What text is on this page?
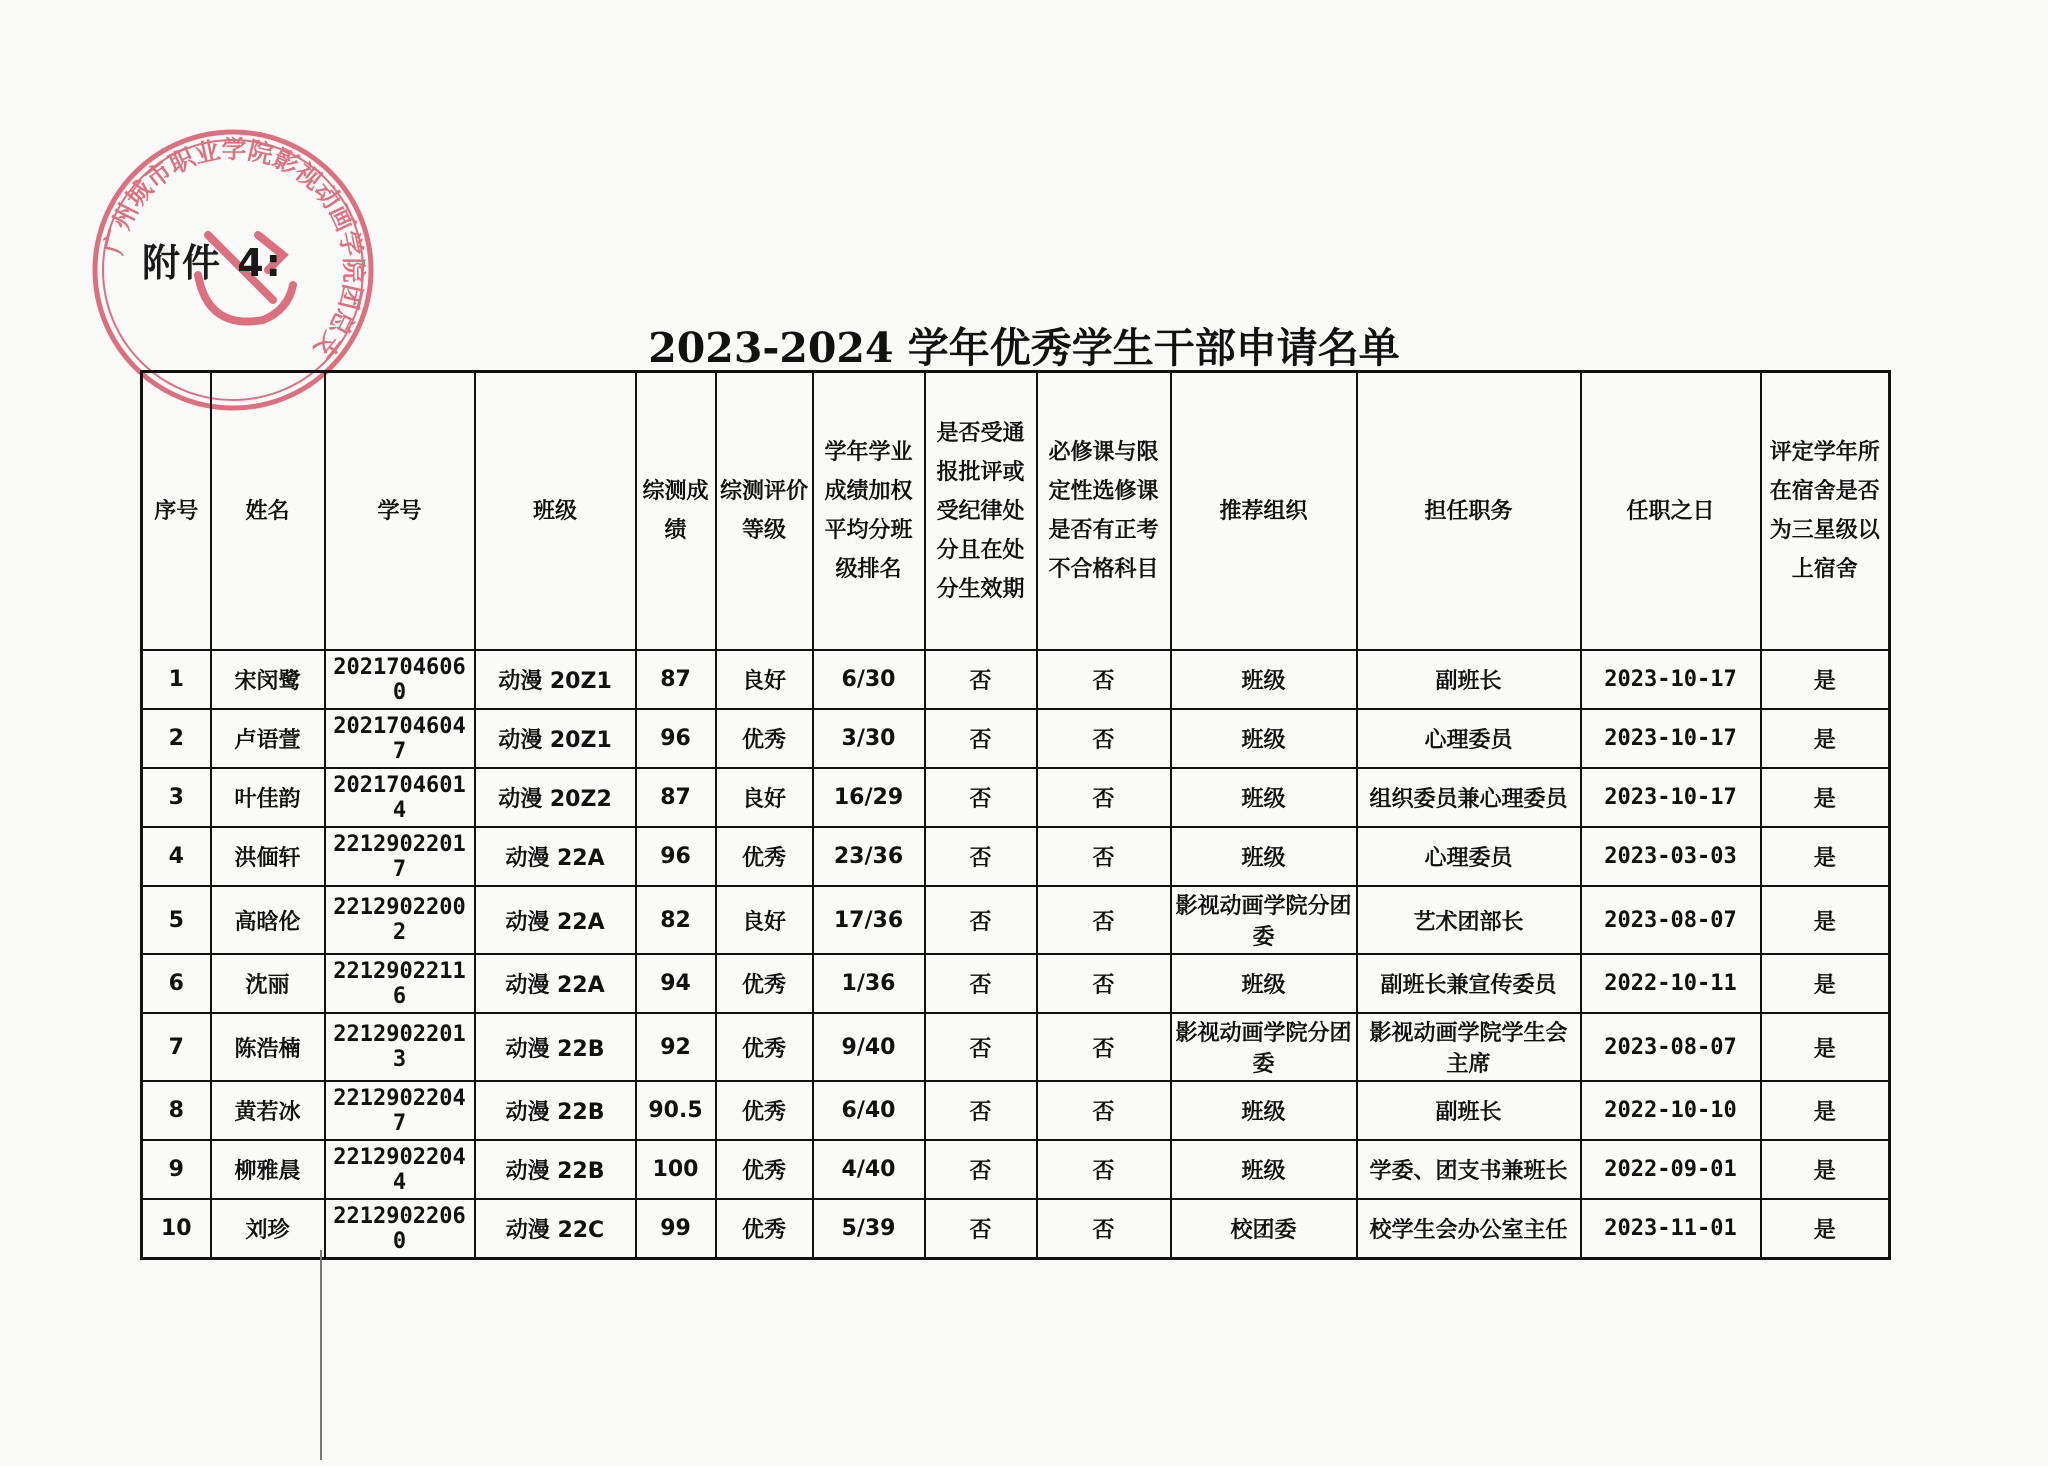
广州城市职业学院影视动画学院团总支
附件 4:
2023-2024 学年优秀学生干部申请名单
序号	姓名	学号	班级	综测成绩	综测评价等级	学年学业成绩加权平均分班级排名	是否受通报批评或受纪律处分且在处分生效期	必修课与限定性选修课是否有正考不合格科目	推荐组织	担任职务	任职之日	评定学年所在宿舍是否为三星级以上宿舍
1	宋闵鹭	20217046060	动漫 20Z1	87	良好	6/30	否	否	班级	副班长	2023-10-17	是
2	卢语萱	20217046047	动漫 20Z1	96	优秀	3/30	否	否	班级	心理委员	2023-10-17	是
3	叶佳韵	20217046014	动漫 20Z2	87	良好	16/29	否	否	班级	组织委员兼心理委员	2023-10-17	是
4	洪偭轩	22129022017	动漫 22A	96	优秀	23/36	否	否	班级	心理委员	2023-03-03	是
5	高晗伦	22129022002	动漫 22A	82	良好	17/36	否	否	影视动画学院分团委	艺术团部长	2023-08-07	是
6	沈丽	22129022116	动漫 22A	94	优秀	1/36	否	否	班级	副班长兼宣传委员	2022-10-11	是
7	陈浩楠	22129022013	动漫 22B	92	优秀	9/40	否	否	影视动画学院分团委	影视动画学院学生会主席	2023-08-07	是
8	黄若冰	22129022047	动漫 22B	90.5	优秀	6/40	否	否	班级	副班长	2022-10-10	是
9	柳雅晨	22129022044	动漫 22B	100	优秀	4/40	否	否	班级	学委、团支书兼班长	2022-09-01	是
10	刘珍	22129022060	动漫 22C	99	优秀	5/39	否	否	校团委	校学生会办公室主任	2023-11-01	是
